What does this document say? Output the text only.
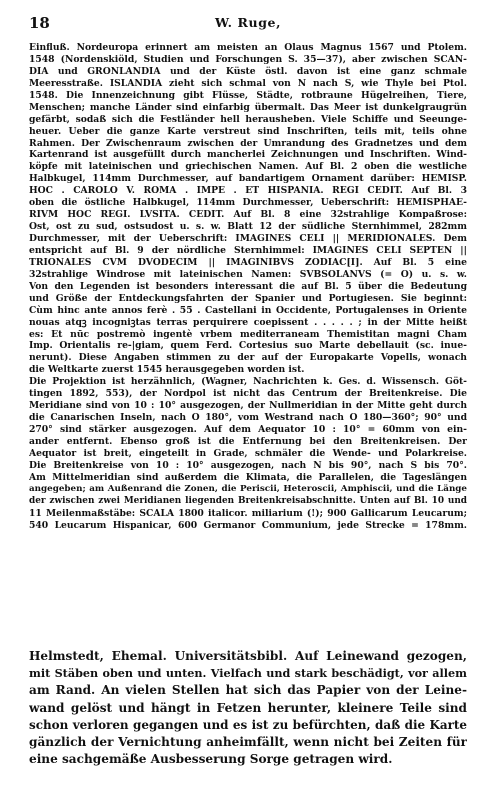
18	W. Ruge,
Einfluß. Nordeuropa erinnert am meisten an Olaus Magnus 1567 und Ptolem.
1548 (Nordenskiöld, Studien und Forschungen S. 35—37), aber zwischen SCAN-
DIA und GRONLANDIA und der Küste östl. davon ist eine ganz schmale
Meeresstraße. ISLANDIA zieht sich schmal von N nach S, wie Thyle bei Ptol.
1548. Die Innenzeichnung gibt Flüsse, Städte, rotbraune Hügelreihen, Tiere,
Menschen; manche Länder sind einfarbig übermalt. Das Meer ist dunkelgraugrün
gefärbt, sodaß sich die Festländer hell herausheben. Viele Schiffe und Seeunge-
heuer. Ueber die ganze Karte verstreut sind Inschriften, teils mit, teils ohne
Rahmen. Der Zwischenraum zwischen der Umrandung des Gradnetzes und dem
Kartenrand ist ausgefüllt durch mancherlei Zeichnungen und Inschriften. Wind-
köpfe mit lateinischen und griechischen Namen. Auf Bl. 2 oben die westliche
Halbkugel, 114mm Durchmesser, auf bandartigem Ornament darüber: HEMISP.
HOC . CAROLO V. ROMA . IMPE . ET HISPANIA. REGI CEDIT. Auf Bl. 3
oben die östliche Halbkugel, 114mm Durchmesser, Ueberschrift: HEMISPHAE-
RIVM HOC REGI. LVSITA. CEDIT. Auf Bl. 8 eine 32strahlige Kompaßrose:
Ost, ost zu sud, ostsudost u. s. w. Blatt 12 der südliche Sternhimmel, 282mm
Durchmesser, mit der Ueberschrift: IMAGINES CELI || MERIDIONALES. Dem
entspricht auf Bl. 9 der nördliche Sternhimmel: IMAGINES CELI SEPTEN ||
TRIONALES CVM DVODECIM || IMAGINIBVS ZODIAC[I]. Auf Bl. 5 eine
32strahlige Windrose mit lateinischen Namen: SVBSOLANVS (= O) u. s. w.
Von den Legenden ist besonders interessant die auf Bl. 5 über die Bedeutung
und Größe der Entdeckungsfahrten der Spanier und Portugiesen. Sie beginnt:
Cùm hinc ante annos ferè . 55 . Castellani in Occidente, Portugalenses in Oriente
nouas atqꝫ incogniꝫtas terras perquirere coepissent . . . . . ; in der Mitte heißt
es: Et nūc postremò ingentè vrbem mediterraneam Themistitan magni Cham
Imp. Orientalis re-|giam, quem Ferd. Cortesius suo Marte debellauit (sc. inue-
nerunt). Diese Angaben stimmen zu der auf der Europakarte Vopells, wonach
die Weltkarte zuerst 1545 herausgegeben worden ist.
Die Projektion ist herzähnlich, (Wagner, Nachrichten k. Ges. d. Wissensch. Göt-
tingen 1892, 553), der Nordpol ist nicht das Centrum der Breitenkreise. Die
Meridiane sind von 10 : 10° ausgezogen, der Nullmeridian in der Mitte geht durch
die Canarischen Inseln, nach O 180°, vom Westrand nach O 180—360°; 90° und
270° sind stärker ausgezogen. Auf dem Aequator 10 : 10° = 60mm von ein-
ander entfernt. Ebenso groß ist die Entfernung bei den Breitenkreisen. Der
Aequator ist breit, eingeteilt in Grade, schmäler die Wende- und Polarkreise.
Die Breitenkreise von 10 : 10° ausgezogen, nach N bis 90°, nach S bis 70°.
Am Mittelmeridian sind außerdem die Klimata, die Parallelen, die Tageslängen
angegeben; am Außenrand die Zonen, die Periscii, Heteroscii, Amphiscii, und die Länge
der zwischen zwei Meridianen liegenden Breitenkreisabschnitte. Unten auf Bl. 10 und
11 Meilenmaßstäbe: SCALA 1800 italicor. miliarium (!); 900 Gallicarum Leucarum;
540 Leucarum Hispanicar, 600 Germanor Communium, jede Strecke = 178mm.
Helmstedt, Ehemal. Universitätsbibl. Auf Leinewand gezogen,
mit Stäben oben und unten. Vielfach und stark beschädigt, vor allem
am Rand. An vielen Stellen hat sich das Papier von der Leine-
wand gelöst und hängt in Fetzen herunter, kleinere Teile sind
schon verloren gegangen und es ist zu befürchten, daß die Karte
gänzlich der Vernichtung anheimfällt, wenn nicht bei Zeiten für
eine sachgemäße Ausbesserung Sorge getragen wird.
